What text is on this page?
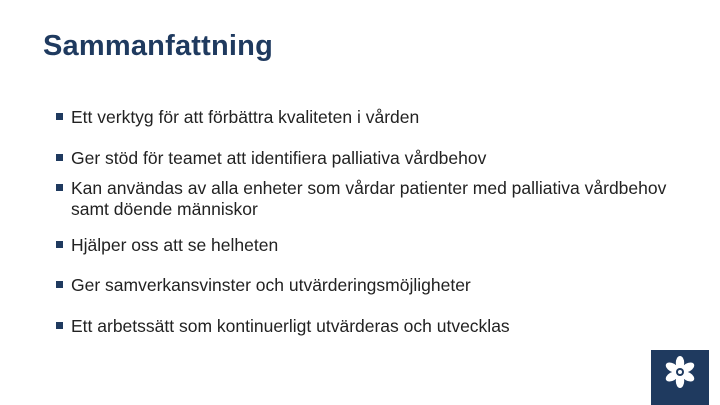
Sammanfattning
Ett verktyg för att förbättra kvaliteten i vården
Ger stöd för teamet att identifiera palliativa vårdbehov
Kan användas av alla enheter som vårdar patienter med palliativa vårdbehov samt döende människor
Hjälper oss att se helheten
Ger samverkansvinster och utvärderingsmöjligheter
Ett arbetssätt som kontinuerligt utvärderas och utvecklas
